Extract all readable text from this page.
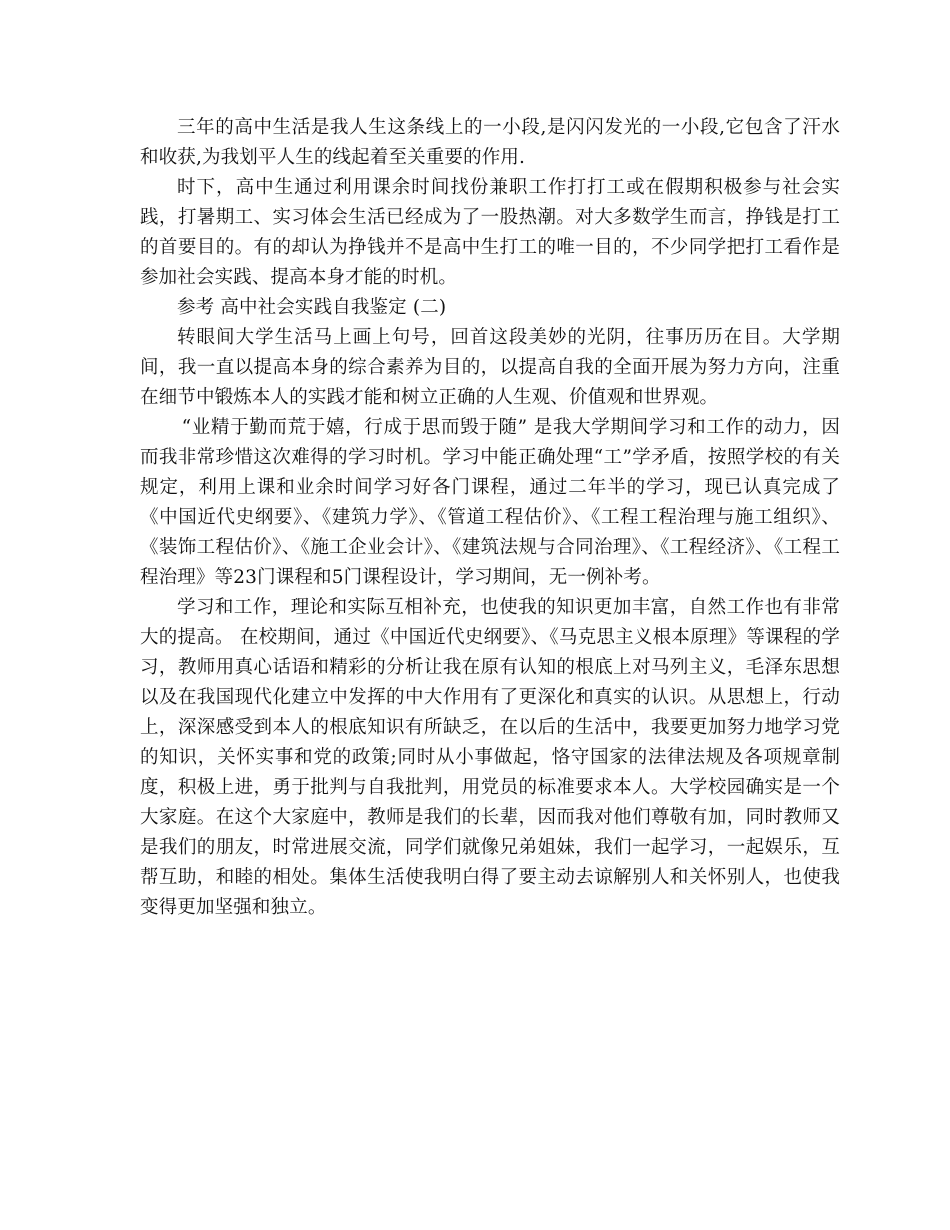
三年的高中生活是我人生这条线上的一小段,是闪闪发光的一小段,它包含了汗水和收获,为我划平人生的线起着至关重要的作用.

时下，高中生通过利用课余时间找份兼职工作打打工或在假期积极参与社会实践，打暑期工、实习体会生活已经成为了一股热潮。对大多数学生而言，挣钱是打工的首要目的。有的却认为挣钱并不是高中生打工的唯一目的，不少同学把打工看作是参加社会实践、提高本身才能的时机。

参考 高中社会实践自我鉴定 (二)

转眼间大学生活马上画上句号，回首这段美妙的光阴，往事历历在目。大学期间，我一直以提高本身的综合素养为目的，以提高自我的全面开展为努力方向，注重在细节中锻炼本人的实践才能和树立正确的人生观、价值观和世界观。

“业精于勤而荒于嬉，行成于思而毁于随” 是我大学期间学习和工作的动力，因而我非常珍惜这次难得的学习时机。学习中能正确处理“工”学矛盾，按照学校的有关规定，利用上课和业余时间学习好各门课程，通过二年半的学习，现已认真完成了《中国近代史纲要》、《建筑力学》、《管道工程估价》、《工程工程治理与施工组织》、《装饰工程估价》、《施工企业会计》、《建筑法规与合同治理》、《工程经济》、《工程工程治理》等23门课程和5门课程设计，学习期间，无一例补考。

学习和工作，理论和实际互相补充，也使我的知识更加丰富，自然工作也有非常大的提高。 在校期间，通过《中国近代史纲要》、《马克思主义根本原理》等课程的学习，教师用真心话语和精彩的分析让我在原有认知的根底上对马列主义，毛泽东思想以及在我国现代化建立中发挥的中大作用有了更深化和真实的认识。从思想上，行动上，深深感受到本人的根底知识有所缺乏，在以后的生活中，我要更加努力地学习党的知识，关怀实事和党的政策;同时从小事做起，恪守国家的法律法规及各项规章制度，积极上进，勇于批判与自我批判，用党员的标准要求本人。大学校园确实是一个大家庭。在这个大家庭中，教师是我们的长辈，因而我对他们尊敬有加，同时教师又是我们的朋友，时常进展交流，同学们就像兄弟姐妹，我们一起学习，一起娱乐，互帮互助，和睦的相处。集体生活使我明白得了要主动去谅解别人和关怀别人，也使我变得更加坚强和独立。
